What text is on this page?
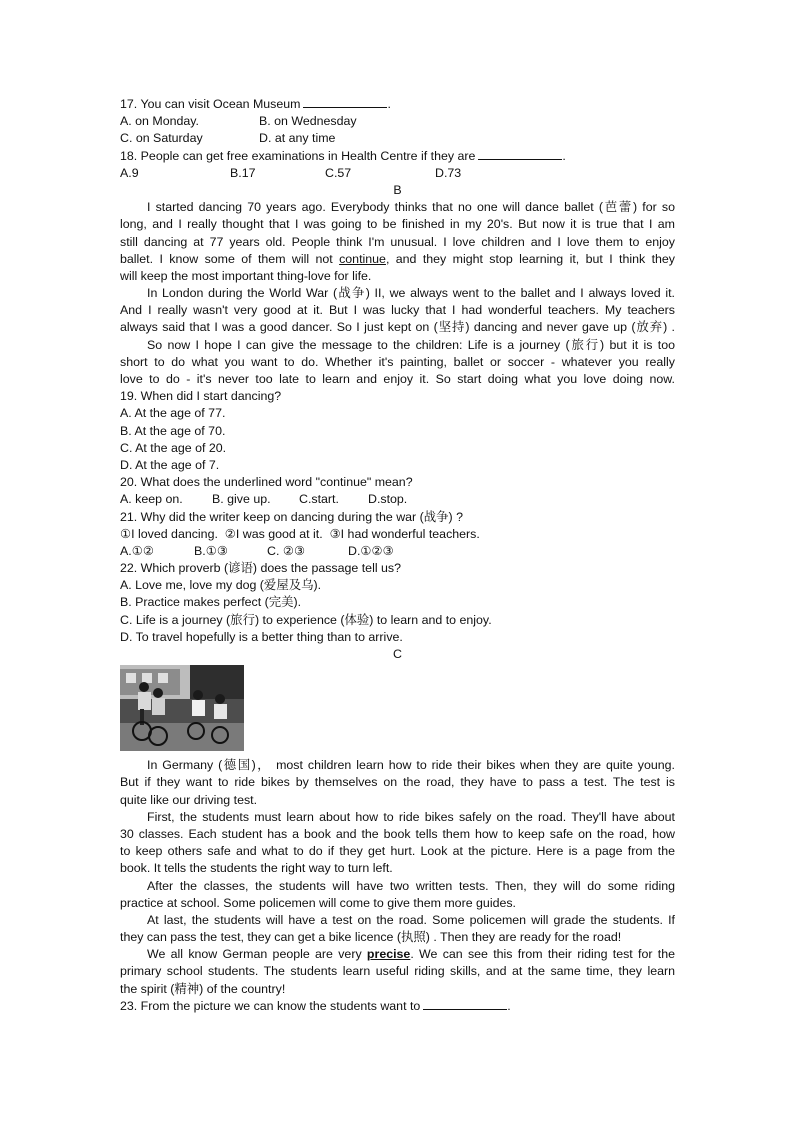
17. You can visit Ocean Museum	.
A. on Monday.	B. on Wednesday
C. on Saturday	D. at any time
18. People can get free examinations in Health Centre if they are	.
A.9	B.17	C.57	D.73
B
I started dancing 70 years ago. Everybody thinks that no one will dance ballet (芭蕾) for so
long, and I really thought that I was going to be finished in my 20's. But now it is true that I am
still dancing at 77 years old. People think I'm unusual. I love children and I love them to enjoy
ballet. I know some of them will not continue, and they might stop learning it, but I think they
will keep the most important thing-love for life.
In London during the World War (战争) II, we always went to the ballet and I always loved it.
And I really wasn't very good at it. But I was lucky that I had wonderful teachers. My teachers
always said that I was a good dancer. So I just kept on (坚持) dancing and never gave up (放弃) .
So now I hope I can give the message to the children: Life is a journey (旅行) but it is too
short to do what you want to do. Whether it's painting, ballet or soccer - whatever you really
love to do - it's never too late to learn and enjoy it. So start doing what you love doing now.
19. When did I start dancing?
A. At the age of 77.
B. At the age of 70.
C. At the age of 20.
D. At the age of 7.
20. What does the underlined word "continue" mean?
A. keep on. B. give up. C.start. D.stop.
21. Why did the writer keep on dancing during the war (战争) ?
①I loved dancing.  ②I was good at it.  ③I had wonderful teachers.
A.①②	B.①③	C. ②③	D.①②③
22. Which proverb (谚语) does the passage tell us?
A. Love me, love my dog (爱屋及乌).
B. Practice makes perfect (完美).
C. Life is a journey (旅行) to experience (体验) to learn and to enjoy.
D. To travel hopefully is a better thing than to arrive.
C
In Germany (德国)， most children learn how to ride their bikes when they are quite young.
But if they want to ride bikes by themselves on the road, they have to pass a test. The test is
quite like our driving test.
First, the students must learn about how to ride bikes safely on the road. They'll have about
30 classes. Each student has a book and the book tells them how to keep safe on the road, how
to keep others safe and what to do if they get hurt. Look at the picture. Here is a page from the
book. It tells the students the right way to turn left.
After the classes, the students will have two written tests. Then, they will do some riding
practice at school. Some policemen will come to give them more guides.
At last, the students will have a test on the road. Some policemen will grade the students. If
they can pass the test, they can get a bike licence (执照) . Then they are ready for the road!
We all know German people are very precise. We can see this from their riding test for the
primary school students. The students learn useful riding skills, and at the same time, they learn
the spirit (精神) of the country!
23. From the picture we can know the students want to	.
